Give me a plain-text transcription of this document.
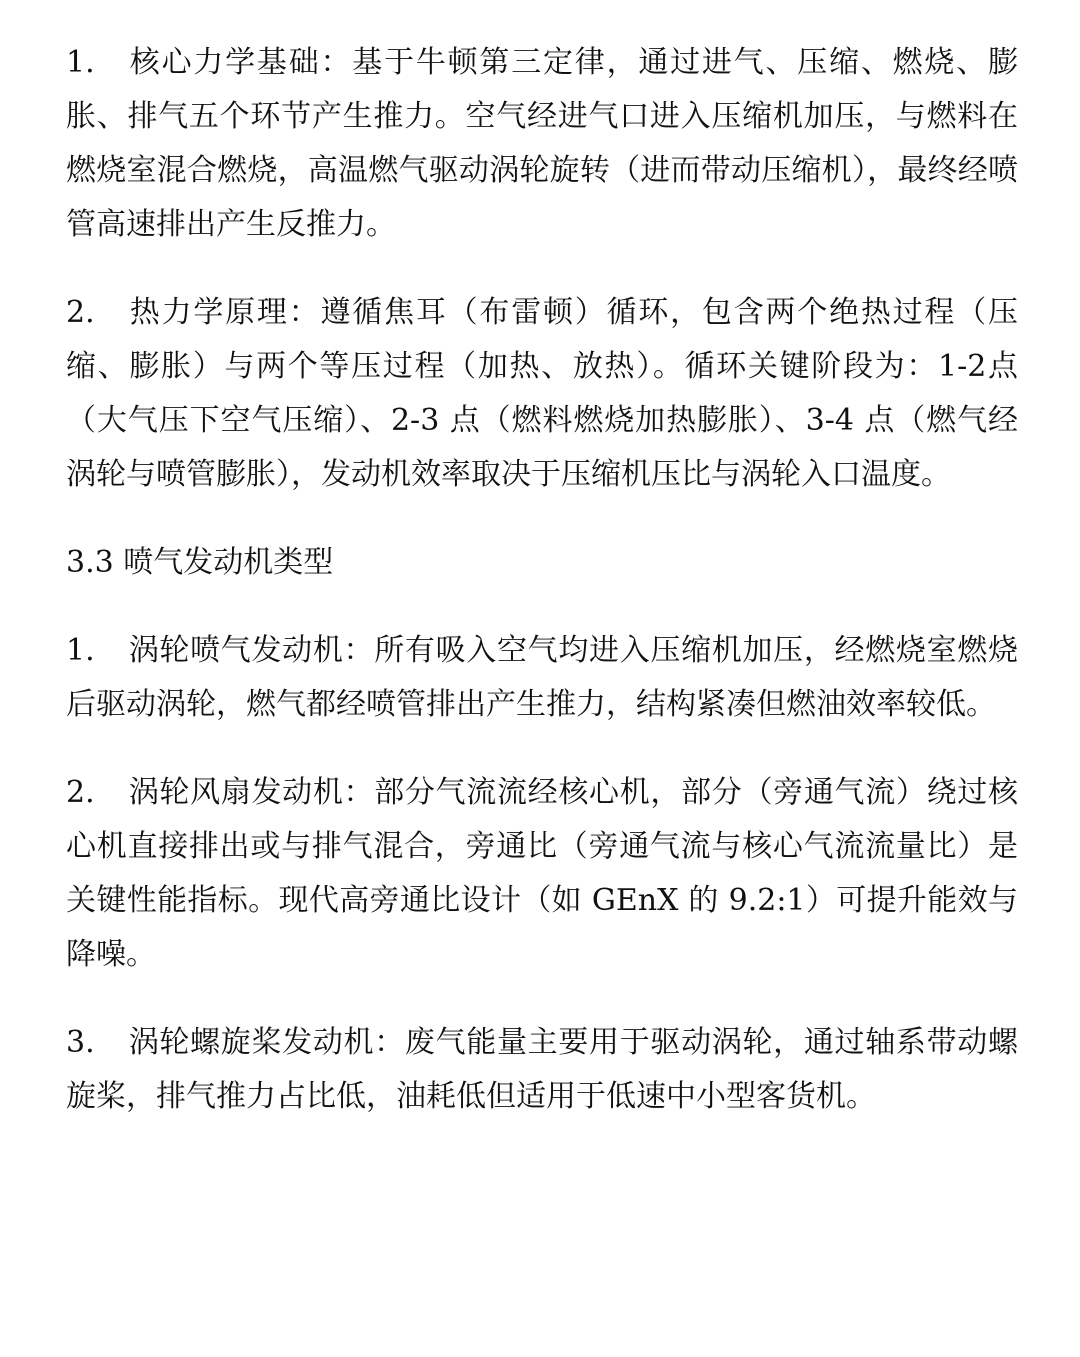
1. 核心力学基础：基于牛顿第三定律，通过进气、压缩、燃烧、膨胀、排气五个环节产生推力。空气经进气口进入压缩机加压，与燃料在燃烧室混合燃烧，高温燃气驱动涡轮旋转（进而带动压缩机），最终经喷管高速排出产生反推力。

2. 热力学原理：遵循焦耳（布雷顿）循环，包含两个绝热过程（压缩、膨胀）与两个等压过程（加热、放热）。循环关键阶段为：1-2点（大气压下空气压缩）、2-3 点（燃料燃烧加热膨胀）、3-4 点（燃气经涡轮与喷管膨胀），发动机效率取决于压缩机压比与涡轮入口温度。

3.3 喷气发动机类型

1. 涡轮喷气发动机：所有吸入空气均进入压缩机加压，经燃烧室燃烧后驱动涡轮，燃气都经喷管排出产生推力，结构紧凑但燃油效率较低。

2. 涡轮风扇发动机：部分气流流经核心机，部分（旁通气流）绕过核心机直接排出或与排气混合，旁通比（旁通气流与核心气流流量比）是关键性能指标。现代高旁通比设计（如 GEnX 的 9.2:1）可提升能效与降噪。

3. 涡轮螺旋桨发动机：废气能量主要用于驱动涡轮，通过轴系带动螺旋桨，排气推力占比低，油耗低但适用于低速中小型客货机。
